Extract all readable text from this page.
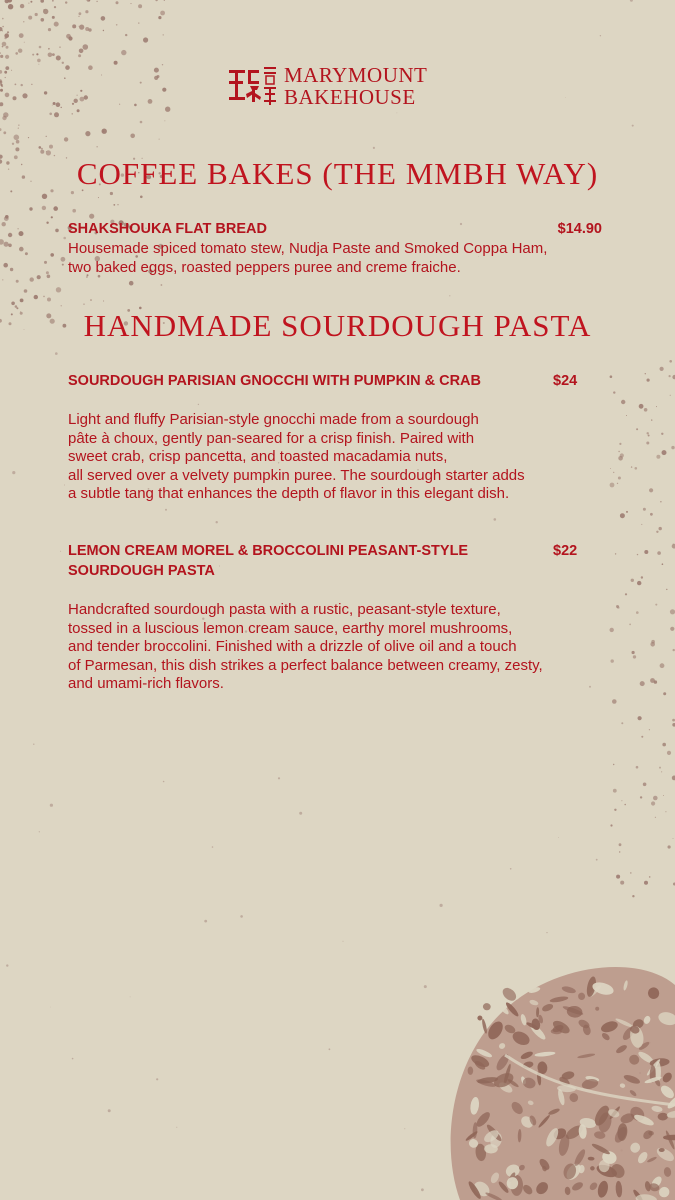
MARYMOUNT
BAKEHOUSE
COFFEE BAKES (THE MMBH WAY)
SHAKSHOUKA FLAT BREAD	$14.90
Housemade spiced tomato stew, Nudja Paste and Smoked Coppa Ham,
two baked eggs, roasted peppers puree and creme fraiche.
HANDMADE SOURDOUGH PASTA
SOURDOUGH PARISIAN GNOCCHI WITH PUMPKIN & CRAB	$24
Light and fluffy Parisian-style gnocchi made from a sourdough
pâte à choux, gently pan-seared for a crisp finish. Paired with
sweet crab, crisp pancetta, and toasted macadamia nuts,
all served over a velvety pumpkin puree. The sourdough starter adds
a subtle tang that enhances the depth of flavor in this elegant dish.
LEMON CREAM MOREL & BROCCOLINI PEASANT-STYLE
SOURDOUGH PASTA
$22
Handcrafted sourdough pasta with a rustic, peasant-style texture,
tossed in a luscious lemon cream sauce, earthy morel mushrooms,
and tender broccolini. Finished with a drizzle of olive oil and a touch
of Parmesan, this dish strikes a perfect balance between creamy, zesty,
and umami-rich flavors.
